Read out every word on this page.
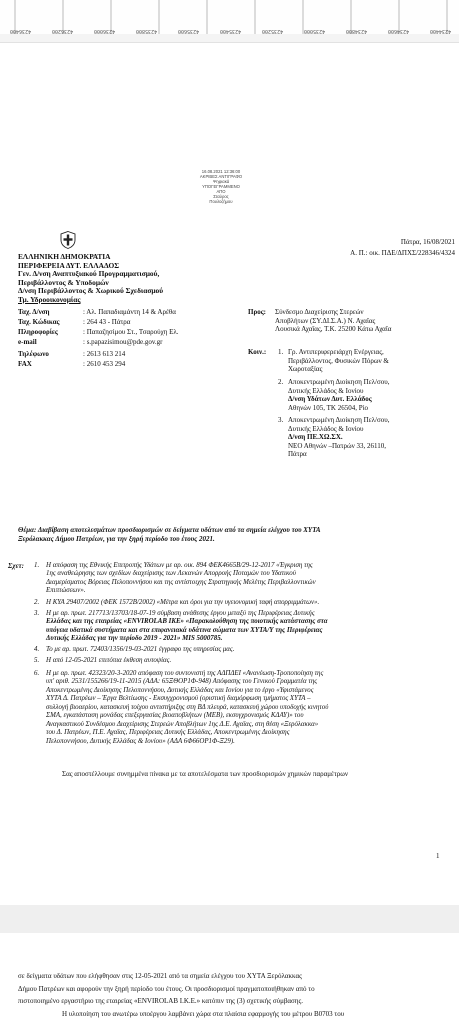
4236400	4236200	4236000	4235800	4235600	4235400	4235200	4235000	4234800	4234600	4234400
16.08.2021 12:36:00
ΑΚΡΙΒΕΣ ΑΝΤΙΓΡΑΦΟ
Ψηφιακά
ΥΠΟΓΕΓΡΑΜΜΕΝΟ
ΑΠΟ
Σταύρος
Πουλοζήμου
Πάτρα, 16/08/2021
Α. Π.: οικ. ΠΔΕ/ΔΠΧΣ/228346/4324
ΕΛΛΗΝΙΚΗ ΔΗΜΟΚΡΑΤΙΑ
ΠΕΡΙΦΕΡΕΙΑ ΔΥΤ. ΕΛΛΑΔΟΣ
Γεν. Δ/νση Αναπτυξιακού Προγραμματισμού,
Περιβάλλοντος & Υποδομών
Δ/νση Περιβάλλοντος & Χωρικού Σχεδιασμού
Τμ. Υδροοικονομίας
Ταχ. Δ/νση	: Αλ. Παπαδιαμάντη 14 & Αρέθα
Ταχ. Κώδικας	: 264 43 - Πάτρα
Πληροφορίες	: Παπαζησίμου Στ., Τσαρούχη Ελ.
e-mail	: s.papazisimou@pde.gov.gr
Τηλέφωνο	: 2613 613 214
FAX	: 2610 453 294
Προς: Σύνδεσμο Διαχείρισης Στερεών
Αποβλήτων (ΣΥ.ΔΙ.Σ.Α.) Ν. Αχαΐας
Λουσικά Αχαΐας, Τ.Κ. 25200 Κάτω Αχαΐα
Κοιν.: 1. Γρ. Αντιπεριφερειάρχη Ενέργειας,
Περιβάλλοντος, Φυσικών Πόρων &
Χωροταξίας
2. Αποκεντρωμένη Διοίκηση Πελ/σου,
Δυτικής Ελλάδος & Ιονίου
Δ/νση Υδάτων Δυτ. Ελλάδος
Αθηνών 105, ΤΚ 26504, Ρίο
3. Αποκεντρωμένη Διοίκηση Πελ/σου,
Δυτικής Ελλάδος & Ιονίου
Δ/νση ΠΕ.ΧΩ.ΣΧ.
ΝΕΟ Αθηνών –Πατρών 33, 26110,
Πάτρα
Θέμα: Διαβίβαση αποτελεσμάτων προσδιορισμών σε δείγματα υδάτων από τα σημεία ελέγχου του ΧΥΤΑ
Ξερόλακκας Δήμου Πατρέων, για την ξηρή περίοδο του έτους 2021.
Σχετ: 1. Η απόφαση της Εθνικής Επιτροπής Υδάτων με αρ. οικ. 894 ΦΕΚ4665Β/29-12-2017 «Έγκριση της
1ης αναθεώρησης των σχεδίων διαχείρισης των Λεκανών Απορροής Ποταμών του Υδατικού
Διαμερίσματος Βόρειας Πελοποννήσου και της αντίστοιχης Στρατηγικής Μελέτης Περιβαλλοντικών
Επιπτώσεων».
2. Η ΚΥΑ 29407/2002 (ΦΕΚ 1572Β/2002) «Μέτρα και όροι για την υγειονομική ταφή απορριμμάτων».
3. Η με αρ. πρωτ. 217713/13703/18-07-19 σύμβαση ανάθεσης έργου μεταξύ της Περιφέρειας Δυτικής
Ελλάδας και της εταιρείας «ENVIROLAB ΙΚΕ» «Παρακολούθηση της ποιοτικής κατάστασης στα
υπόγεια υδατικά συστήματα και στα επιφανειακά υδάτινα σώματα των ΧΥΤΑ/Υ της Περιφέρειας
Δυτικής Ελλάδας για την περίοδο 2019 - 2021» MIS 5000785.
4. Το με αρ. πρωτ. 72403/1356/19-03-2021 έγγραφο της υπηρεσίας μας.
5. Η από 12-05-2021 επιτόπια έκθεση αυτοψίας.
6. Η με αρ. πρωτ. 42323/20-3-2020 απόφαση του συντονιστή της ΑΔΠΔΕΙ «Ανανέωση-Τροποποίηση της
υπ' αριθ. 2531/155266/19-11-2015 (ΑΔΑ: 65ΞΘΟΡ1Φ-948) Απόφασης του Γενικού Γραμματέα της
Αποκεντρωμένης Διοίκησης Πελοποννήσου, Δυτικής Ελλάδας και Ιονίου για το έργο «Υφιστάμενος
ΧΥΤΑ Δ. Πατρέων – Έργα Βελτίωσης - Εκσυγχρονισμού (οριστική διαμόρφωση τμήματος ΧΥΤΑ –
συλλογή βιοαερίου, κατασκευή τοίχου αντιστήριξης στη ΒΔ πλευρά, κατασκευή χώρου υποδοχής κινητού
ΣΜΑ, εγκατάσταση μονάδας επεξεργασίας βιοαποβλήτων (ΜΕΒ), εκσυγχρονισμός ΚΔΑΥ)» του
Αναγκαστικού Συνδέσμου Διαχείρισης Στερεών Αποβλήτων 1ης Δ.Ε. Αχαΐας, στη θέση «Ξερόλακκα»
του Δ. Πατρέων, Π.Ε. Αχαΐας, Περιφέρειας Δυτικής Ελλάδας, Αποκεντρωμένης Διοίκησης
Πελοποννήσου, Δυτικής Ελλάδας & Ιονίου» (ΑΔΑ 6Φ66ΟΡ1Φ-Ξ29).
Σας αποστέλλουμε συνημμένα πίνακα με τα αποτελέσματα των προσδιορισμών χημικών παραμέτρων
1
σε δείγματα υδάτων που ελήφθησαν στις 12-05-2021 από τα σημεία ελέγχου του ΧΥΤΑ Ξερόλακκας
Δήμου Πατρέων και αφορούν την ξηρή περίοδο του έτους. Οι προσδιορισμοί πραγματοποιήθηκαν από το
πιστοποιημένο εργαστήριο της εταιρείας «ENVIROLAB Ι.Κ.Ε.» κατόπιν της (3) σχετικής σύμβασης.
Η υλοποίηση του ανωτέρω υποέργου λαμβάνει χώρα στα πλαίσια εφαρμογής του μέτρου Β0703 του
